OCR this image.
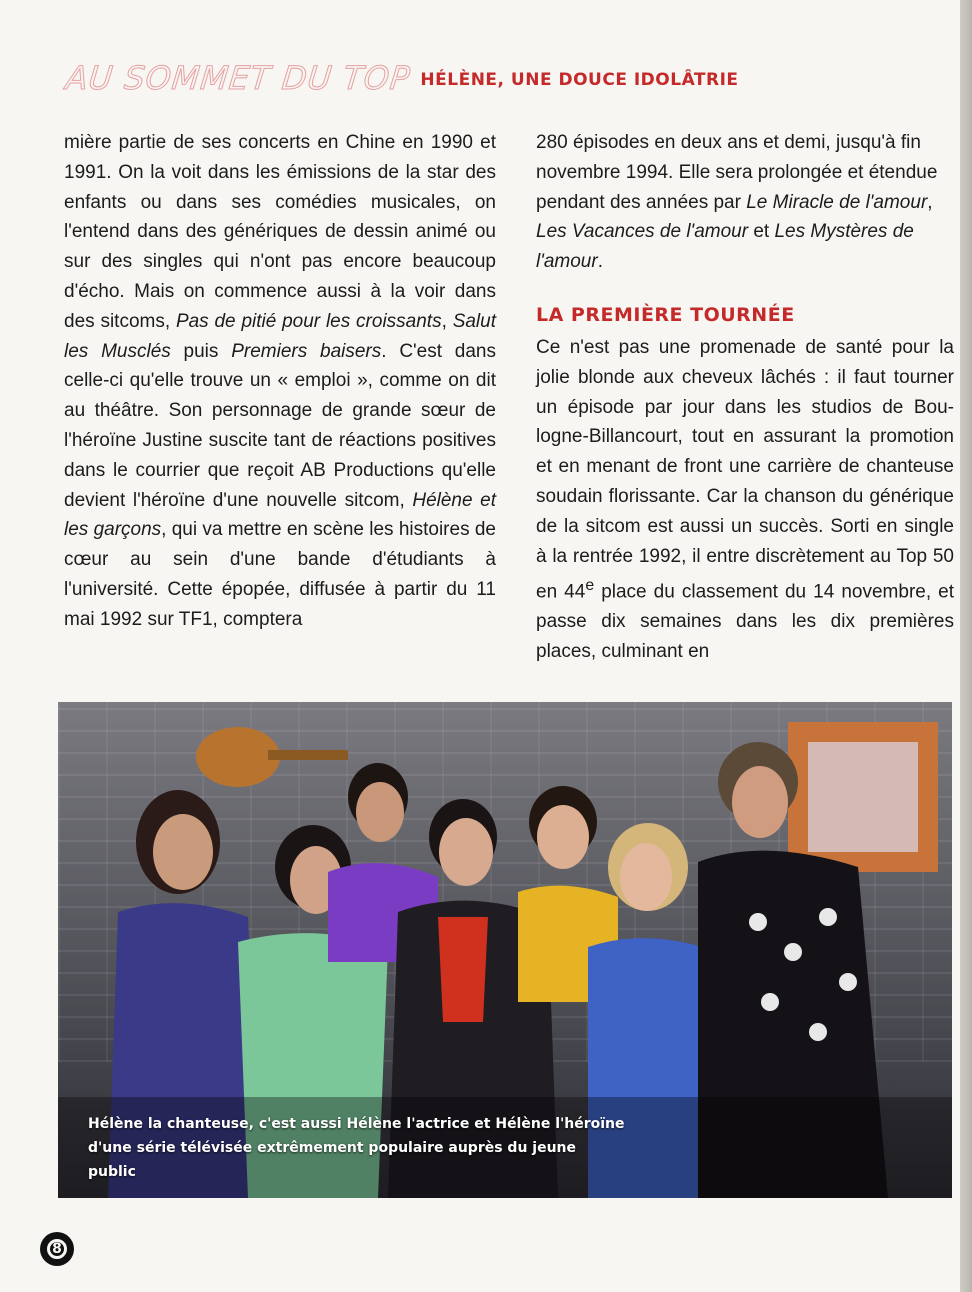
AU SOMMET DU TOP HÉLÈNE, UNE DOUCE IDOLÂTRIE

mière partie de ses concerts en Chine en 1990 et 1991. On la voit dans les émissions de la star des enfants ou dans ses comédies musicales, on l'entend dans des génériques de dessin animé ou sur des singles qui n'ont pas encore beaucoup d'écho. Mais on commence aussi à la voir dans des sitcoms, Pas de pitié pour les croissants, Salut les Musclés puis Premiers baisers. C'est dans celle-ci qu'elle trouve un « emploi », comme on dit au théâtre. Son personnage de grande sœur de l'héroïne Justine suscite tant de réactions positives dans le courrier que reçoit AB Productions qu'elle devient l'héroïne d'une nouvelle sitcom, Hélène et les garçons, qui va mettre en scène les histoires de cœur au sein d'une bande d'étudiants à l'université. Cette épopée, diffusée à partir du 11 mai 1992 sur TF1, comptera

280 épisodes en deux ans et demi, jusqu'à fin novembre 1994. Elle sera prolongée et étendue pendant des années par Le Miracle de l'amour, Les Vacances de l'amour et Les Mystères de l'amour.

LA PREMIÈRE TOURNÉE

Ce n'est pas une promenade de santé pour la jolie blonde aux cheveux lâchés : il faut tourner un épisode par jour dans les studios de Boulogne-Billancourt, tout en assurant la promotion et en menant de front une carrière de chanteuse soudain florissante. Car la chanson du générique de la sitcom est aussi un succès. Sorti en single à la rentrée 1992, il entre discrètement au Top 50 en 44e place du classement du 14 novembre, et passe dix semaines dans les dix premières places, culminant en

Hélène la chanteuse, c'est aussi Hélène l'actrice et Hélène l'héroïne
d'une série télévisée extrêmement populaire auprès du jeune public
8
